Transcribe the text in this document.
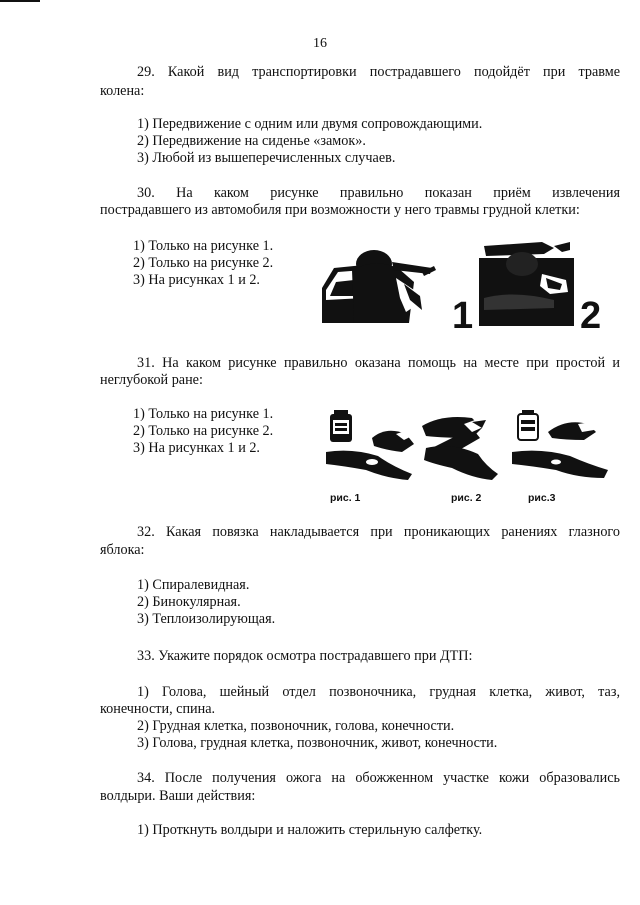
16
29. Какой вид транспортировки пострадавшего подойдёт при травме
колена:
1) Передвижение с одним или двумя сопровождающими.
2) Передвижение на сиденье «замок».
3) Любой из вышеперечисленных случаев.
30. На каком рисунке правильно показан приём извлечения
пострадавшего из автомобиля при возможности у него травмы грудной клетки:
1) Только на рисунке 1.
2) Только на рисунке 2.
3) На рисунках 1 и 2.
1	2
31. На каком рисунке правильно оказана помощь на месте при простой и
неглубокой ране:
1) Только на рисунке 1.
2) Только на рисунке 2.
3) На рисунках 1 и 2.
рис. 1	рис. 2	рис.3
32. Какая повязка накладывается при проникающих ранениях глазного
яблока:
1) Спиралевидная.
2) Бинокулярная.
3) Теплоизолирующая.
33. Укажите порядок осмотра пострадавшего при ДТП:
1) Голова, шейный отдел позвоночника, грудная клетка, живот, таз,
конечности, спина.
2) Грудная клетка, позвоночник, голова, конечности.
3) Голова, грудная клетка, позвоночник, живот, конечности.
34. После получения ожога на обожженном участке кожи образовались
волдыри. Ваши действия:
1) Проткнуть волдыри и наложить стерильную салфетку.
